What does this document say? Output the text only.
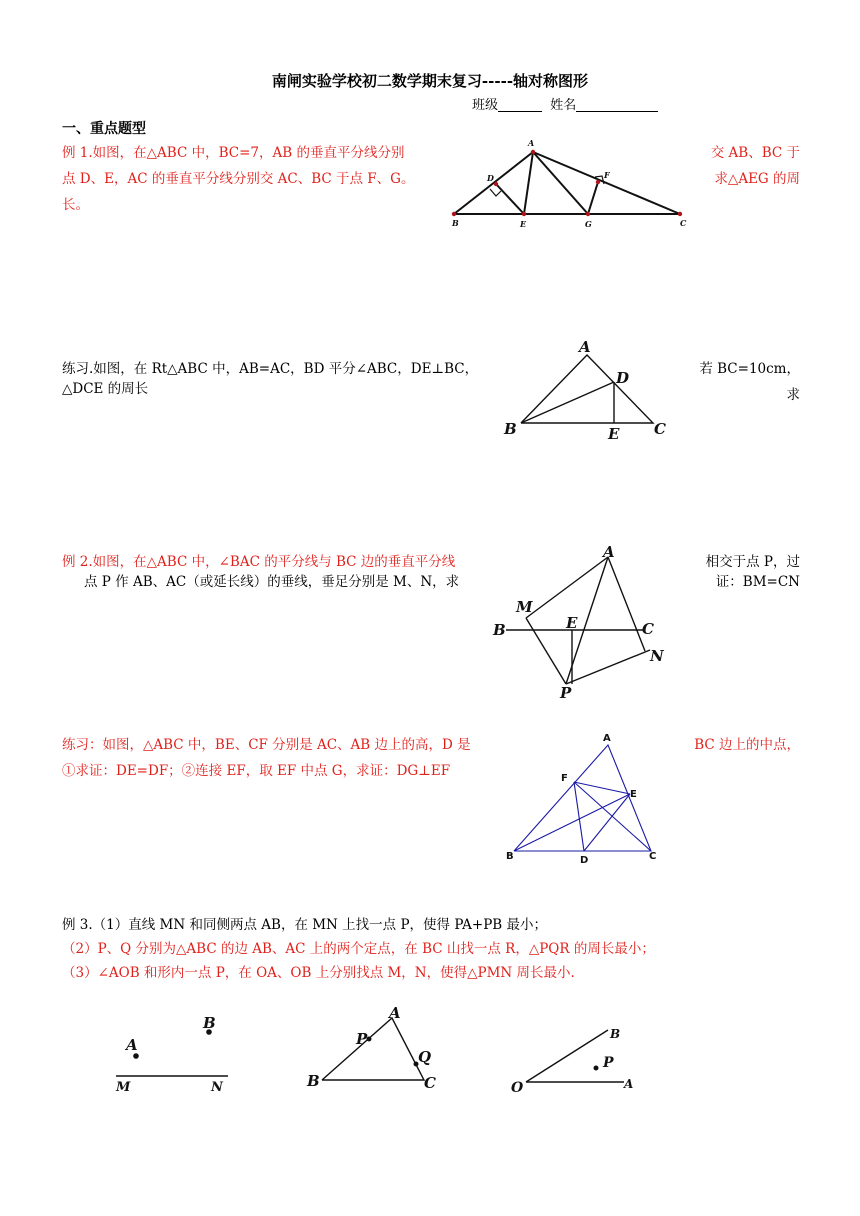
南闸实验学校初二数学期末复习-----轴对称图形
班级	姓名
一、重点题型
例 1.如图，在△ABC 中，BC=7，AB 的垂直平分线分别
点 D、E，AC 的垂直平分线分别交 AC、BC 于点 F、G。
长。
交 AB、BC 于
求△AEG 的周
A
B	C
D
E
F
G
练习.如图，在 Rt△ABC 中，AB=AC，BD 平分∠ABC，DE⊥BC，
△DCE 的周长
若 BC=10cm，求
A
B	C
D
E
例 2.如图，在△ABC 中，∠BAC 的平分线与 BC 边的垂直平分线
点 P 作 AB、AC（或延长线）的垂线，垂足分别是 M、N，求
相交于点 P，过
证：BM=CN
A
B	C
E
M
N
P
练习：如图，△ABC 中，BE、CF 分别是 AC、AB 边上的高，D 是
①求证：DE=DF；②连接 EF，取 EF 中点 G，求证：DG⊥EF
BC 边上的中点，
A
B	C
D
E
F
例 3.（1）直线 MN 和同侧两点 AB，在 MN 上找一点 P，使得 PA+PB 最小；
（2）P、Q 分别为△ABC 的边 AB、AC 上的两个定点，在 BC 山找一点 R，△PQR 的周长最小；
（3）∠AOB 和形内一点 P，在 OA、OB 上分别找点 M，N，使得△PMN 周长最小.
A
B
M	N
A
B	C
P
Q
O
P
A
B
